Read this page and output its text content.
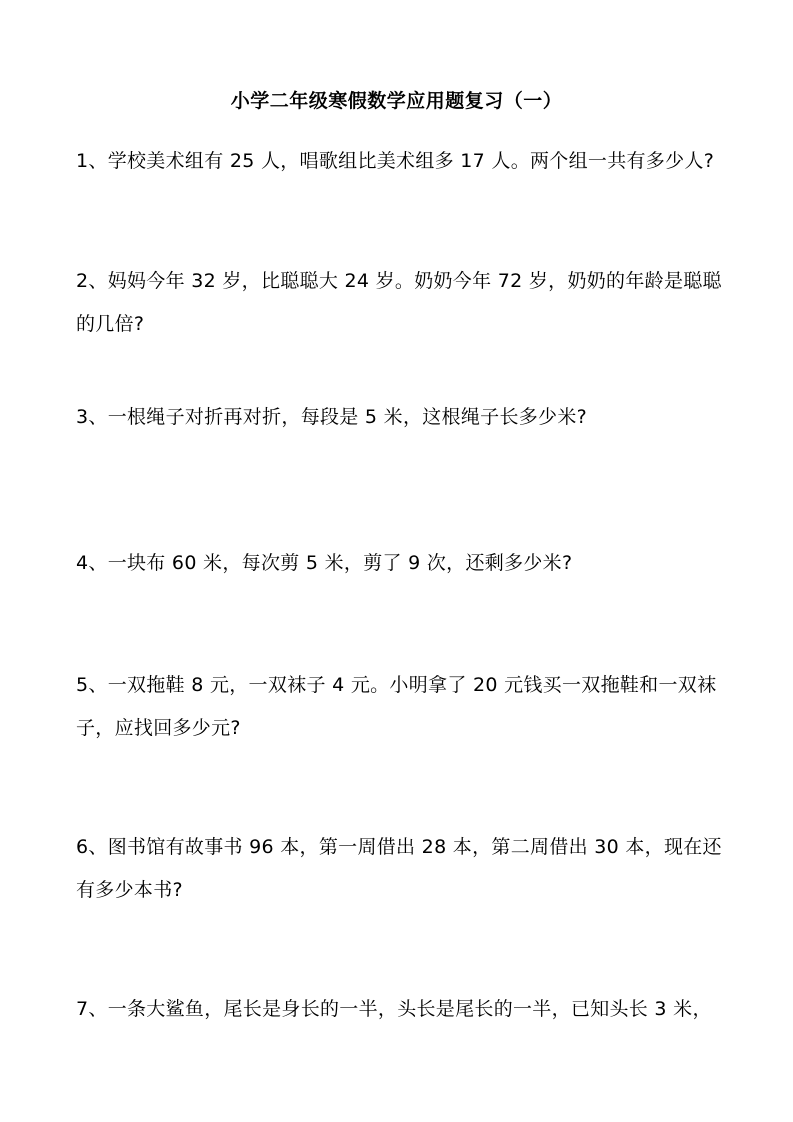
小学二年级寒假数学应用题复习（一）
1、学校美术组有 25 人，唱歌组比美术组多 17 人。两个组一共有多少人?
2、妈妈今年 32 岁，比聪聪大 24 岁。奶奶今年 72 岁，奶奶的年龄是聪聪的几倍?
3、一根绳子对折再对折，每段是 5 米，这根绳子长多少米?
4、一块布 60 米，每次剪 5 米，剪了 9 次，还剩多少米?
5、一双拖鞋 8 元，一双袜子 4 元。小明拿了 20 元钱买一双拖鞋和一双袜子，应找回多少元?
6、图书馆有故事书 96 本，第一周借出 28 本，第二周借出 30 本，现在还有多少本书?
7、一条大鲨鱼，尾长是身长的一半，头长是尾长的一半，已知头长 3 米，
